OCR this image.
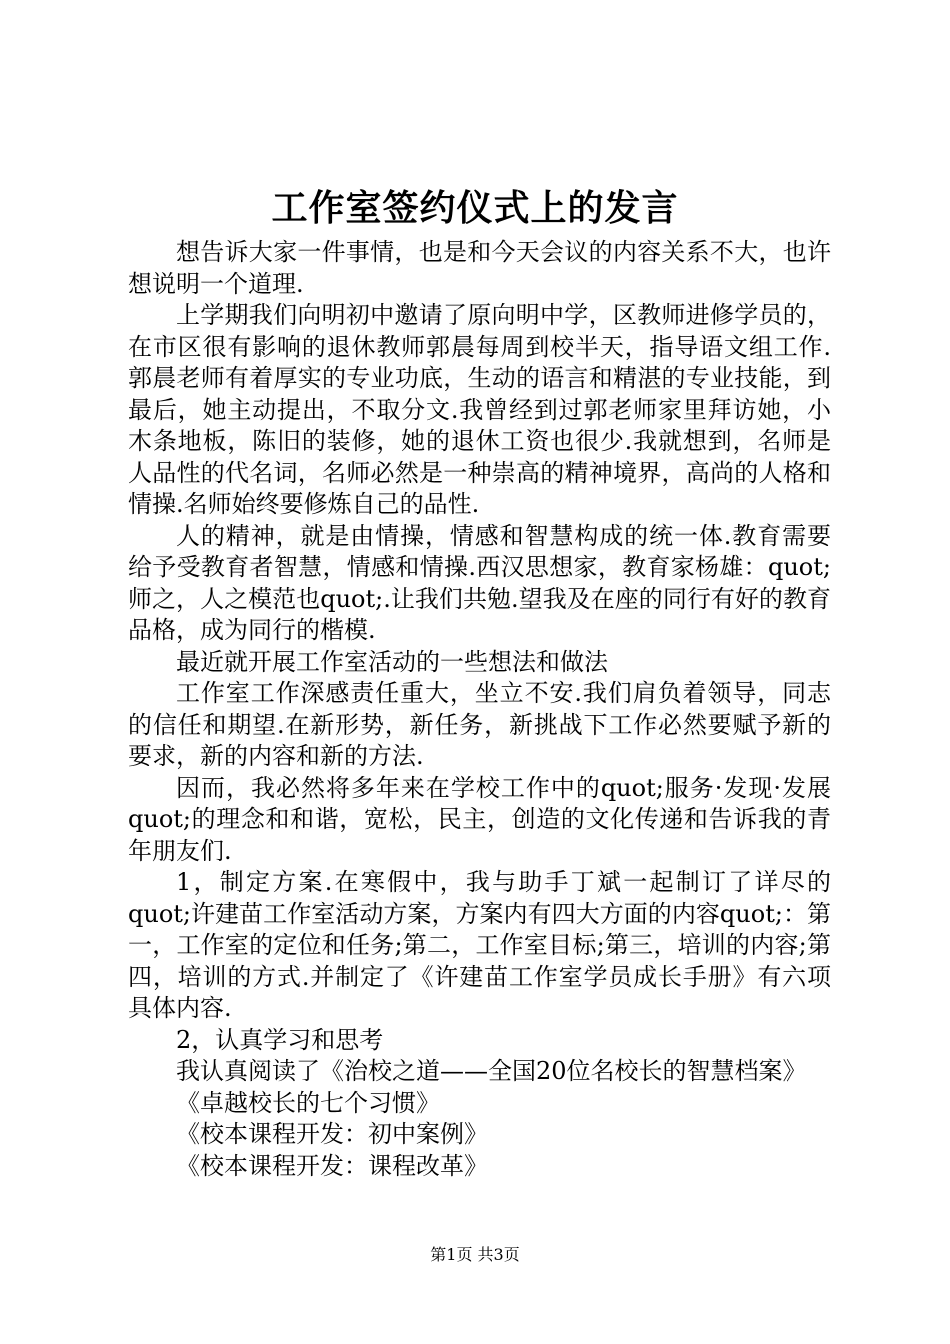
工作室签约仪式上的发言

想告诉大家一件事情，也是和今天会议的内容关系不大，也许想说明一个道理.

上学期我们向明初中邀请了原向明中学，区教师进修学员的，在市区很有影响的退休教师郭晨每周到校半天，指导语文组工作.郭晨老师有着厚实的专业功底，生动的语言和精湛的专业技能，到最后，她主动提出，不取分文.我曾经到过郭老师家里拜访她，小木条地板，陈旧的装修，她的退休工资也很少.我就想到，名师是人品性的代名词，名师必然是一种崇高的精神境界，高尚的人格和情操.名师始终要修炼自己的品性.

人的精神，就是由情操，情感和智慧构成的统一体.教育需要给予受教育者智慧，情感和情操.西汉思想家，教育家杨雄：quot;师之，人之模范也quot;.让我们共勉.望我及在座的同行有好的教育品格，成为同行的楷模.

最近就开展工作室活动的一些想法和做法

工作室工作深感责任重大，坐立不安.我们肩负着领导，同志的信任和期望.在新形势，新任务，新挑战下工作必然要赋予新的要求，新的内容和新的方法.

因而，我必然将多年来在学校工作中的quot;服务·发现·发展quot;的理念和和谐，宽松，民主，创造的文化传递和告诉我的青年朋友们.

1，制定方案.在寒假中，我与助手丁斌一起制订了详尽的quot;许建苗工作室活动方案，方案内有四大方面的内容quot;：第一，工作室的定位和任务;第二，工作室目标;第三，培训的内容;第四，培训的方式.并制定了《许建苗工作室学员成长手册》有六项具体内容.

2，认真学习和思考

我认真阅读了《治校之道——全国20位名校长的智慧档案》

《卓越校长的七个习惯》

《校本课程开发：初中案例》

《校本课程开发：课程改革》

第1页 共3页
